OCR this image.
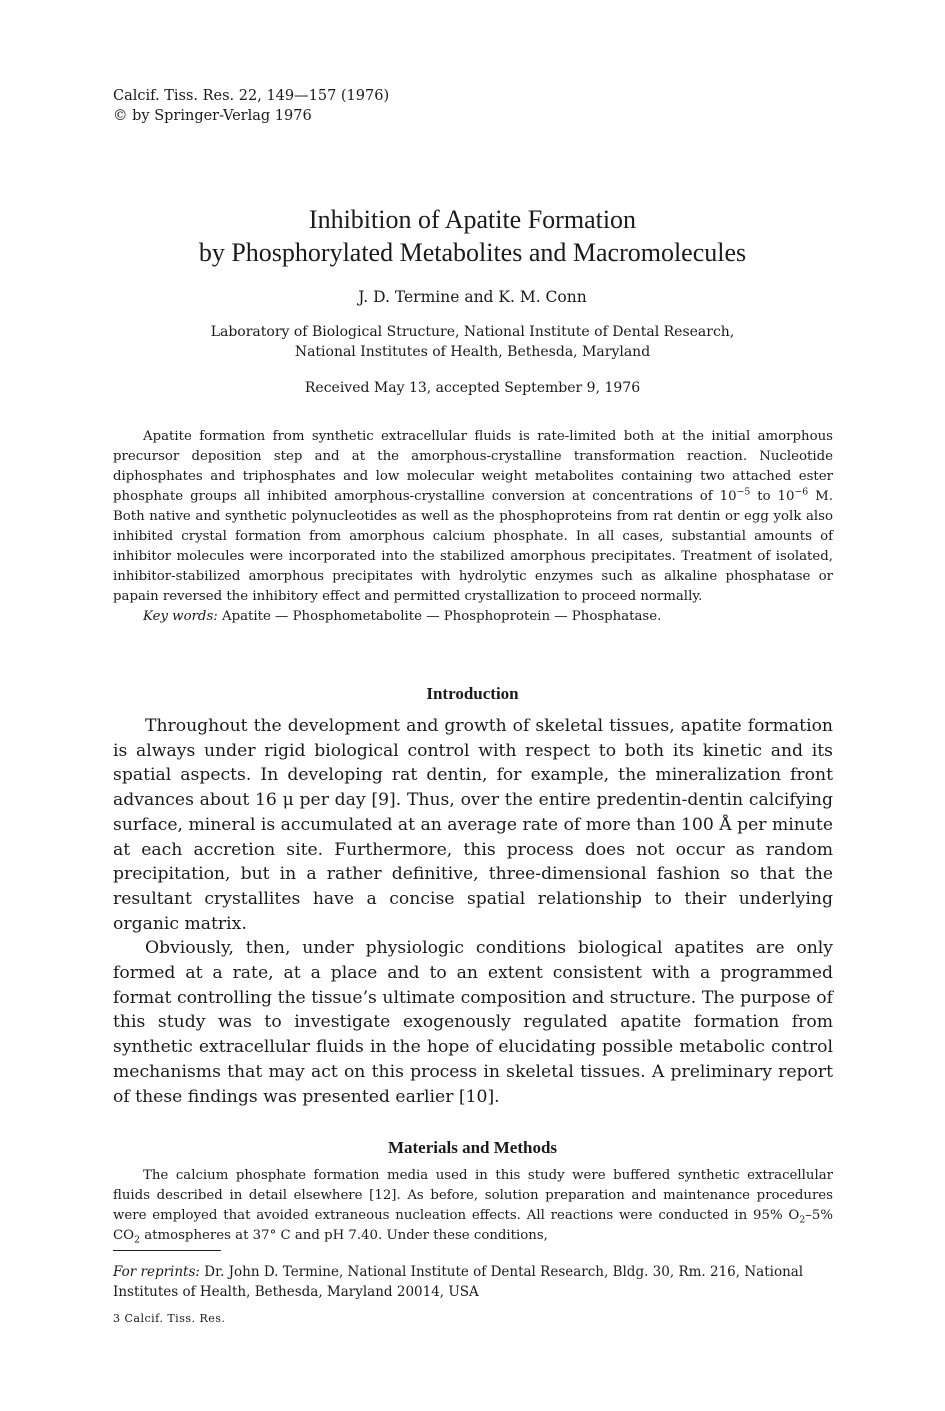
Calcif. Tiss. Res. 22, 149—157 (1976)
© by Springer-Verlag 1976
Inhibition of Apatite Formation
by Phosphorylated Metabolites and Macromolecules
J. D. Termine and K. M. Conn
Laboratory of Biological Structure, National Institute of Dental Research,
National Institutes of Health, Bethesda, Maryland
Received May 13, accepted September 9, 1976

Apatite formation from synthetic extracellular fluids is rate-limited both at the initial amorphous precursor deposition step and at the amorphous-crystalline transformation reaction. Nucleotide diphosphates and triphosphates and low molecular weight metabolites containing two attached ester phosphate groups all inhibited amorphous-crystalline conversion at concentrations of $10^{-5}$ to $10^{-6}$ M. Both native and synthetic polynucleotides as well as the phosphoproteins from rat dentin or egg yolk also inhibited crystal formation from amorphous calcium phosphate. In all cases, substantial amounts of inhibitor molecules were incorporated into the stabilized amorphous precipitates. Treatment of isolated, inhibitor-stabilized amorphous precipitates with hydrolytic enzymes such as alkaline phosphatase or papain reversed the inhibitory effect and permitted crystallization to proceed normally.

Key words: Apatite — Phosphometabolite — Phosphoprotein — Phosphatase.

Introduction

Throughout the development and growth of skeletal tissues, apatite formation is always under rigid biological control with respect to both its kinetic and its spatial aspects. In developing rat dentin, for example, the mineralization front advances about 16 μ per day [9]. Thus, over the entire predentin-dentin calcifying surface, mineral is accumulated at an average rate of more than 100 Å per minute at each accretion site. Furthermore, this process does not occur as random precipitation, but in a rather definitive, three-dimensional fashion so that the resultant crystallites have a concise spatial relationship to their underlying organic matrix.

Obviously, then, under physiologic conditions biological apatites are only formed at a rate, at a place and to an extent consistent with a programmed format controlling the tissue’s ultimate composition and structure. The purpose of this study was to investigate exogenously regulated apatite formation from synthetic extracellular fluids in the hope of elucidating possible metabolic control mechanisms that may act on this process in skeletal tissues. A preliminary report of these findings was presented earlier [10].

Materials and Methods

The calcium phosphate formation media used in this study were buffered synthetic extracellular fluids described in detail elsewhere [12]. As before, solution preparation and maintenance procedures were employed that avoided extraneous nucleation effects. All reactions were conducted in 95% $O_2-5\%$ $CO_2$ atmospheres at 37° C and pH 7.40. Under these conditions,

For reprints: Dr. John D. Termine, National Institute of Dental Research, Bldg. 30, Rm. 216, National Institutes of Health, Bethesda, Maryland 20014, USA
3 Calcif. Tiss. Res.
